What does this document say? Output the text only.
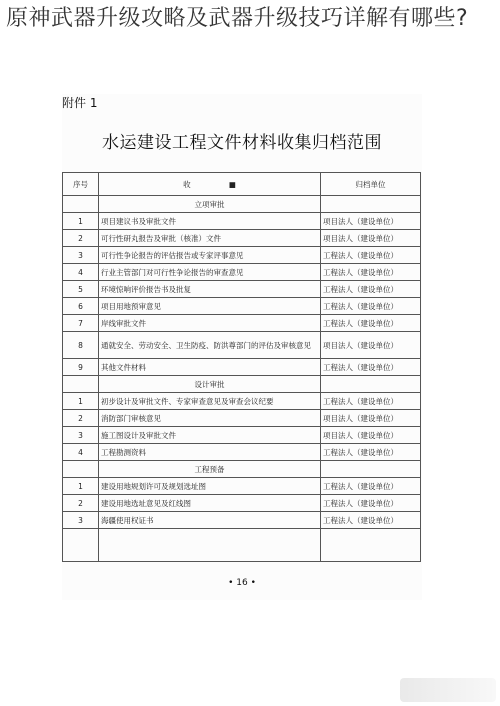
原神武器升级攻略及武器升级技巧详解有哪些?
附件 1
水运建设工程文件材料收集归档范围
序号	收                ■	归档单位
	立项审批	
1	项目建议书及审批文件	项目法人（建设单位）
2	可行性研丸报告及审批（核准）文件	项目法人（建设单位）
3	可行性争论报告的评估报告或专家评事意见	工程法人（建设单位）
4	行业主管部门对可行性争论报告的审查意见	工程法人（建设单位）
5	环境惊响评价报告书及批复	工程法人（建设单位）
6	项目用地预审意见	工程法人（建设单位）
7	岸线审批文件	工程法人（建设单位）
8	通就安全、劳动安全、卫生防疫、防洪尊部门的评估及审核意见	项目法人（建设单位）
9	其他文件材料	工程法人（建设单位）
	设计审批	
1	初步设计及审批文件、专家审查意见及审查会议纪要	工程法人（建设单位）
2	消防部门审核意见	项目法人（建设单位）
3	施工图设计及审批文件	项目法人（建设单位）
4	工程勘测资料	工程法人（建设单位）
	工程预备	
1	建设用地规划许可及规划选址图	工程法人（建设单位）
2	建设用地选址意见及红线图	工程法人（建设单位）
3	海疆使用权证书	工程法人（建设单位）

• 16 •
